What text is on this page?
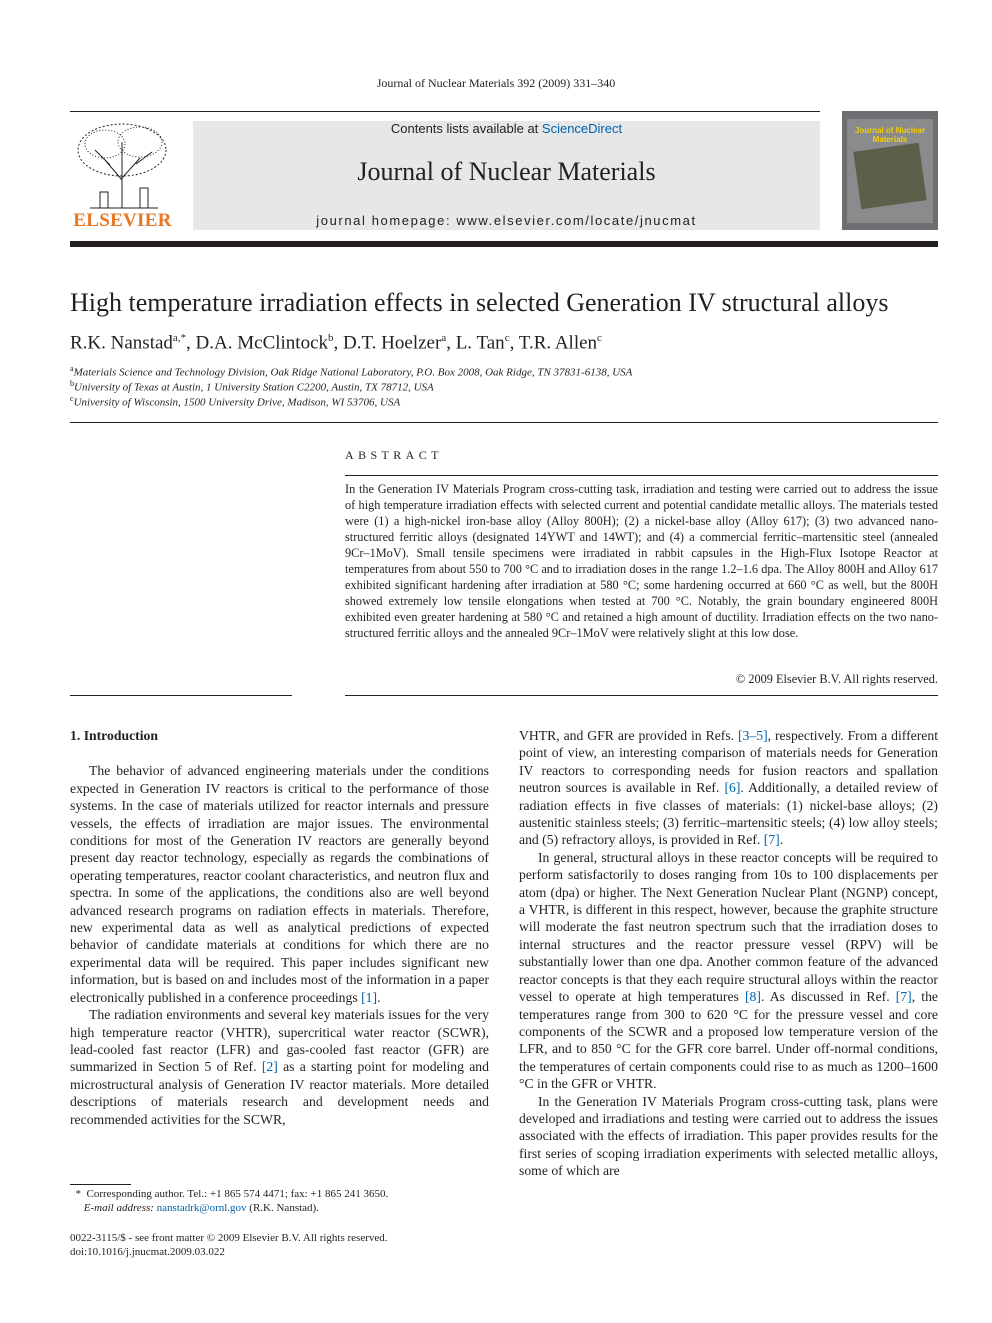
Journal of Nuclear Materials 392 (2009) 331–340
ELSEVIER
Contents lists available at ScienceDirect
Journal of Nuclear Materials
journal homepage: www.elsevier.com/locate/jnucmat
Journal of Nuclear Materials
High temperature irradiation effects in selected Generation IV structural alloys
R.K. Nanstad$^{a,*}$, D.A. McClintock$^b$, D.T. Hoelzer$^a$, L. Tan$^c$, T.R. Allen$^c$
$^a$Materials Science and Technology Division, Oak Ridge National Laboratory, P.O. Box 2008, Oak Ridge, TN 37831-6138, USA
$^b$University of Texas at Austin, 1 University Station C2200, Austin, TX 78712, USA
$^c$University of Wisconsin, 1500 University Drive, Madison, WI 53706, USA
ABSTRACT
In the Generation IV Materials Program cross-cutting task, irradiation and testing were carried out to address the issue of high temperature irradiation effects with selected current and potential candidate metallic alloys. The materials tested were (1) a high-nickel iron-base alloy (Alloy 800H); (2) a nickel-base alloy (Alloy 617); (3) two advanced nano-structured ferritic alloys (designated 14YWT and 14WT); and (4) a commercial ferritic–martensitic steel (annealed 9Cr–1MoV). Small tensile specimens were irradiated in rabbit capsules in the High-Flux Isotope Reactor at temperatures from about 550 to 700 °C and to irradiation doses in the range 1.2–1.6 dpa. The Alloy 800H and Alloy 617 exhibited significant hardening after irradiation at 580 °C; some hardening occurred at 660 °C as well, but the 800H showed extremely low tensile elongations when tested at 700 °C. Notably, the grain boundary engineered 800H exhibited even greater hardening at 580 °C and retained a high amount of ductility. Irradiation effects on the two nano-structured ferritic alloys and the annealed 9Cr–1MoV were relatively slight at this low dose.
© 2009 Elsevier B.V. All rights reserved.

1. Introduction

The behavior of advanced engineering materials under the conditions expected in Generation IV reactors is critical to the performance of those systems. In the case of materials utilized for reactor internals and pressure vessels, the effects of irradiation are major issues. The environmental conditions for most of the Generation IV reactors are generally beyond present day reactor technology, especially as regards the combinations of operating temperatures, reactor coolant characteristics, and neutron flux and spectra. In some of the applications, the conditions also are well beyond advanced research programs on radiation effects in materials. Therefore, new experimental data as well as analytical predictions of expected behavior of candidate materials at conditions for which there are no experimental data will be required. This paper includes significant new information, but is based on and includes most of the information in a paper electronically published in a conference proceedings [1].

The radiation environments and several key materials issues for the very high temperature reactor (VHTR), supercritical water reactor (SCWR), lead-cooled fast reactor (LFR) and gas-cooled fast reactor (GFR) are summarized in Section 5 of Ref. [2] as a starting point for modeling and microstructural analysis of Generation IV reactor materials. More detailed descriptions of materials research and development needs and recommended activities for the SCWR,

VHTR, and GFR are provided in Refs. [3–5], respectively. From a different point of view, an interesting comparison of materials needs for Generation IV reactors to corresponding needs for fusion reactors and spallation neutron sources is available in Ref. [6]. Additionally, a detailed review of radiation effects in five classes of materials: (1) nickel-base alloys; (2) austenitic stainless steels; (3) ferritic–martensitic steels; (4) low alloy steels; and (5) refractory alloys, is provided in Ref. [7].

In general, structural alloys in these reactor concepts will be required to perform satisfactorily to doses ranging from 10s to 100 displacements per atom (dpa) or higher. The Next Generation Nuclear Plant (NGNP) concept, a VHTR, is different in this respect, however, because the graphite structure will moderate the fast neutron spectrum such that the irradiation doses to internal structures and the reactor pressure vessel (RPV) will be substantially lower than one dpa. Another common feature of the advanced reactor concepts is that they each require structural alloys within the reactor vessel to operate at high temperatures [8]. As discussed in Ref. [7], the temperatures range from 300 to 620 °C for the pressure vessel and core components of the SCWR and a proposed low temperature version of the LFR, and to 850 °C for the GFR core barrel. Under off-normal conditions, the temperatures of certain components could rise to as much as 1200–1600 °C in the GFR or VHTR.

In the Generation IV Materials Program cross-cutting task, plans were developed and irradiations and testing were carried out to address the issues associated with the effects of irradiation. This paper provides results for the first series of scoping irradiation experiments with selected metallic alloys, some of which are

* Corresponding author. Tel.: +1 865 574 4471; fax: +1 865 241 3650.
E-mail address: nanstadrk@ornl.gov (R.K. Nanstad).
0022-3115/$ - see front matter © 2009 Elsevier B.V. All rights reserved.
doi:10.1016/j.jnucmat.2009.03.022
